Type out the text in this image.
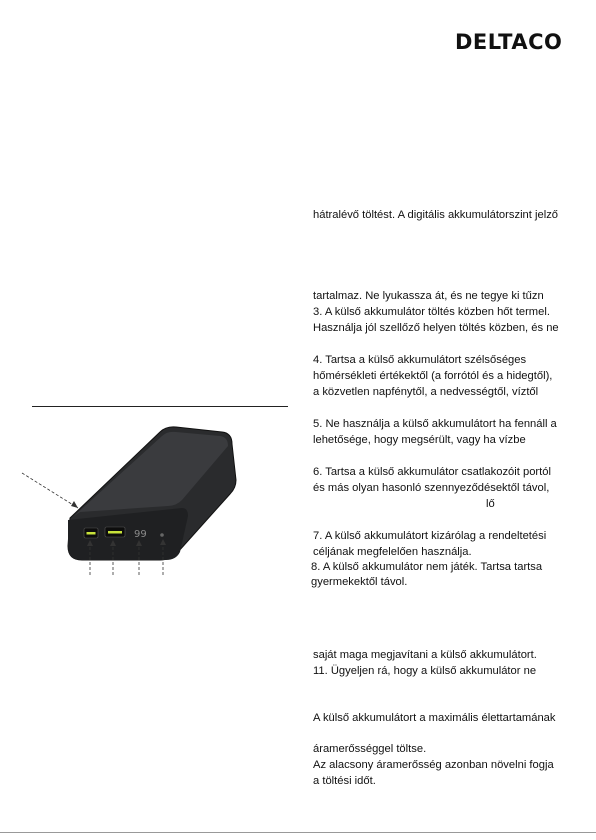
DELTACO
99
hátralévő töltést. A digitális akkumulátorszint jelző
tartalmaz. Ne lyukassza át, és ne tegye ki tűzn
3. A külső akkumulátor töltés közben hőt termel.
Használja jól szellőző helyen töltés közben, és ne
4. Tartsa a külső akkumulátort szélsőséges
hőmérsékleti értékektől (a forrótól és a hidegtől),
a közvetlen napfénytől, a nedvességtől, víztől
5. Ne használja a külső akkumulátort ha fennáll a
lehetősége, hogy megsérült, vagy ha vízbe
6. Tartsa a külső akkumulátor csatlakozóit portól
és más olyan hasonló szennyeződésektől távol,
lő
7. A külső akkumulátort kizárólag a rendeltetési
céljának megfelelően használja.
8. A külső akkumulátor nem játék. Tartsa tartsa
gyermekektől távol.
saját maga megjavítani a külső akkumulátort.
11. Ügyeljen rá, hogy a külső akkumulátor ne
A külső akkumulátort a maximális élettartamának
áramerősséggel töltse.
Az alacsony áramerősség azonban növelni fogja
a töltési időt.
